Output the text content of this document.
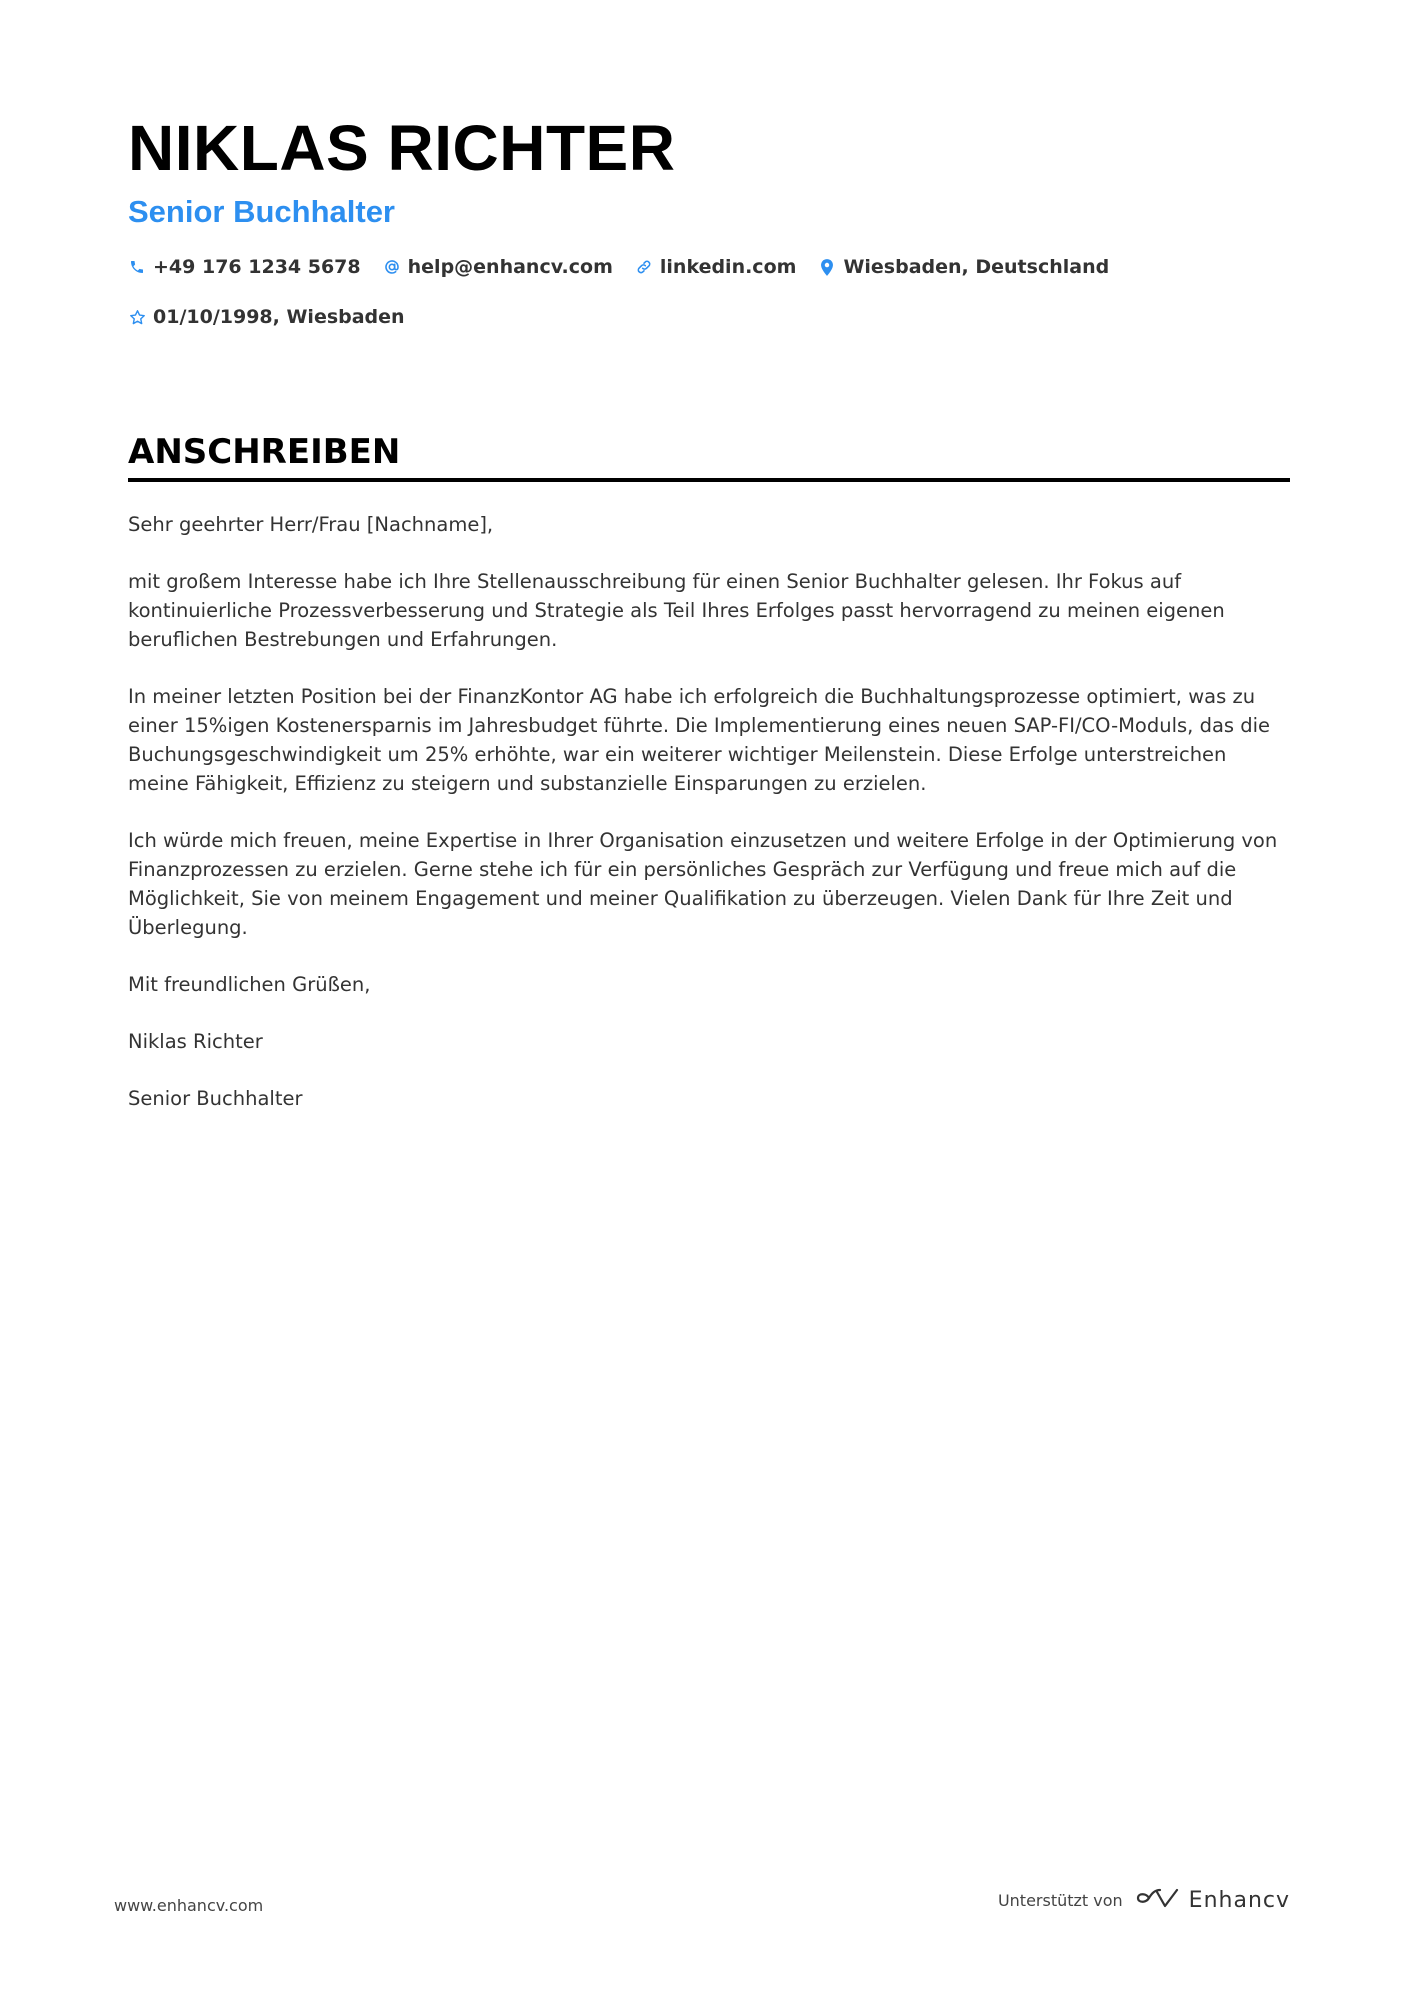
NIKLAS RICHTER
Senior Buchhalter
+49 176 1234 5678 help@enhancv.com linkedin.com Wiesbaden, Deutschland
01/10/1998, Wiesbaden
ANSCHREIBEN

Sehr geehrter Herr/Frau [Nachname],

mit großem Interesse habe ich Ihre Stellenausschreibung für einen Senior Buchhalter gelesen. Ihr Fokus auf kontinuierliche Prozessverbesserung und Strategie als Teil Ihres Erfolges passt hervorragend zu meinen eigenen beruflichen Bestrebungen und Erfahrungen.

In meiner letzten Position bei der FinanzKontor AG habe ich erfolgreich die Buchhaltungsprozesse optimiert, was zu einer 15%igen Kostenersparnis im Jahresbudget führte. Die Implementierung eines neuen SAP-FI/CO-Moduls, das die Buchungsgeschwindigkeit um 25% erhöhte, war ein weiterer wichtiger Meilenstein. Diese Erfolge unterstreichen meine Fähigkeit, Effizienz zu steigern und substanzielle Einsparungen zu erzielen.

Ich würde mich freuen, meine Expertise in Ihrer Organisation einzusetzen und weitere Erfolge in der Optimierung von Finanzprozessen zu erzielen. Gerne stehe ich für ein persönliches Gespräch zur Verfügung und freue mich auf die Möglichkeit, Sie von meinem Engagement und meiner Qualifikation zu überzeugen. Vielen Dank für Ihre Zeit und Überlegung.

Mit freundlichen Grüßen,

Niklas Richter

Senior Buchhalter

www.enhancv.com	Unterstützt von	Enhancv
